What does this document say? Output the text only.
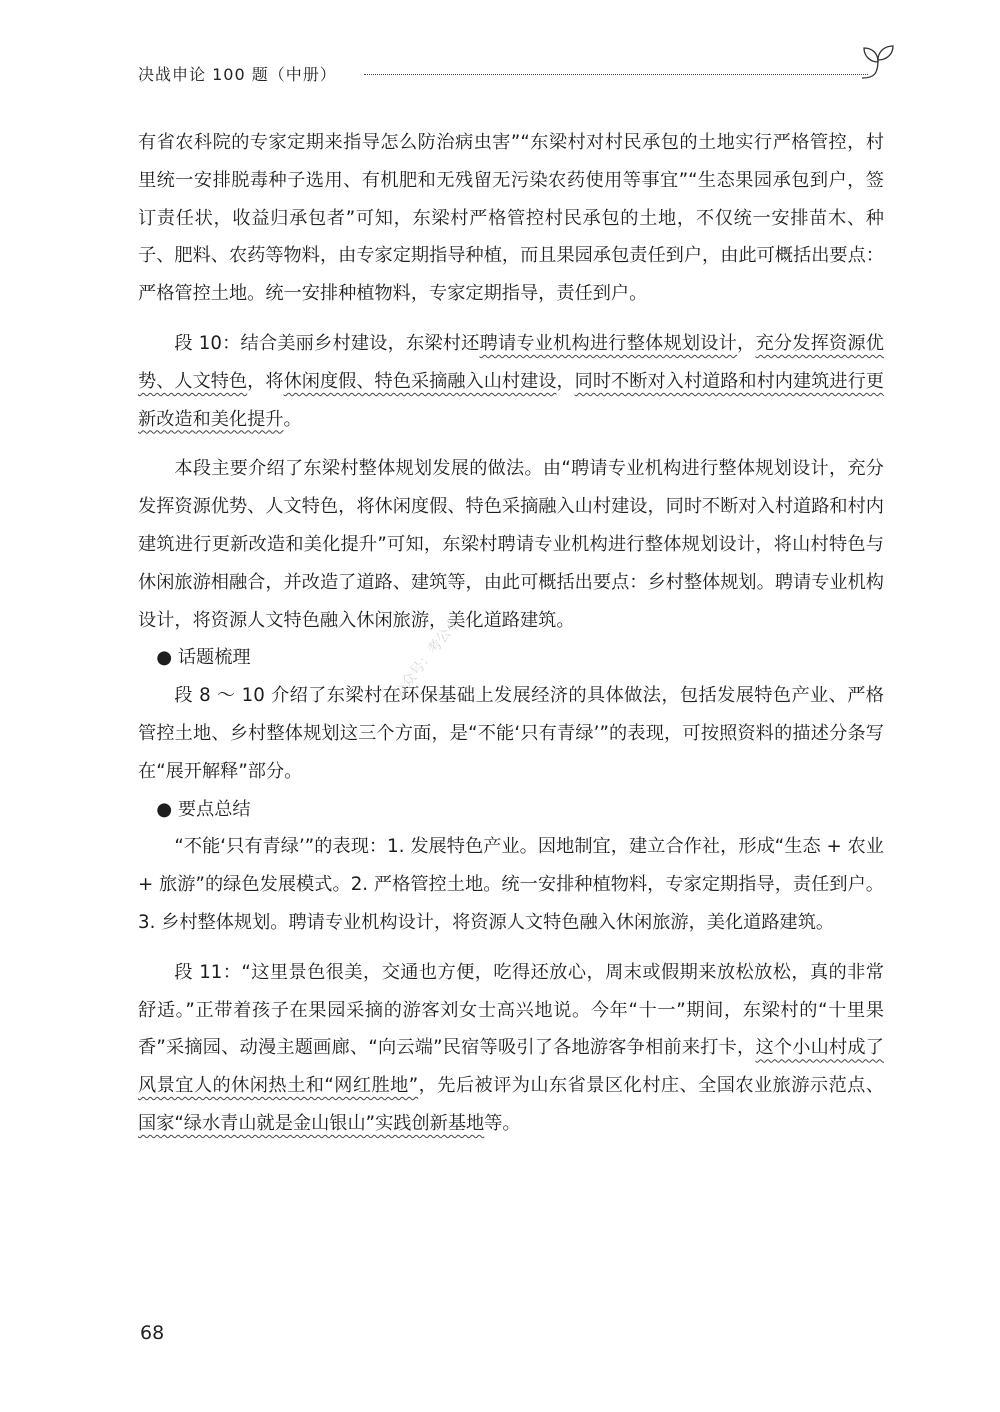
决战申论 100 题（中册）

有省农科院的专家定期来指导怎么防治病虫害”“东梁村对村民承包的土地实行严格管控，村里统一安排脱毒种子选用、有机肥和无残留无污染农药使用等事宜”“生态果园承包到户，签订责任状，收益归承包者”可知，东梁村严格管控村民承包的土地，不仅统一安排苗木、种子、肥料、农药等物料，由专家定期指导种植，而且果园承包责任到户，由此可概括出要点：严格管控土地。统一安排种植物料，专家定期指导，责任到户。

段 10：结合美丽乡村建设，东梁村还聘请专业机构进行整体规划设计，充分发挥资源优势、人文特色，将休闲度假、特色采摘融入山村建设，同时不断对入村道路和村内建筑进行更新改造和美化提升。

本段主要介绍了东梁村整体规划发展的做法。由“聘请专业机构进行整体规划设计，充分发挥资源优势、人文特色，将休闲度假、特色采摘融入山村建设，同时不断对入村道路和村内建筑进行更新改造和美化提升”可知，东梁村聘请专业机构进行整体规划设计，将山村特色与休闲旅游相融合，并改造了道路、建筑等，由此可概括出要点：乡村整体规划。聘请专业机构设计，将资源人文特色融入休闲旅游，美化道路建筑。

● 话题梳理

段 8 ～ 10 介绍了东梁村在环保基础上发展经济的具体做法，包括发展特色产业、严格管控土地、乡村整体规划这三个方面，是“不能‘只有青绿’”的表现，可按照资料的描述分条写在“展开解释”部分。

● 要点总结

“不能‘只有青绿’”的表现：1. 发展特色产业。因地制宜，建立合作社，形成“生态 + 农业 + 旅游”的绿色发展模式。2. 严格管控土地。统一安排种植物料，专家定期指导，责任到户。3. 乡村整体规划。聘请专业机构设计，将资源人文特色融入休闲旅游，美化道路建筑。

段 11：“这里景色很美，交通也方便，吃得还放心，周末或假期来放松放松，真的非常舒适。”正带着孩子在果园采摘的游客刘女士高兴地说。今年“十一”期间，东梁村的“十里果香”采摘园、动漫主题画廊、“向云端”民宿等吸引了各地游客争相前来打卡，这个小山村成了风景宜人的休闲热土和“网红胜地”，先后被评为山东省景区化村庄、全国农业旅游示范点、国家“绿水青山就是金山银山”实践创新基地等。

公众号：考公小
68
